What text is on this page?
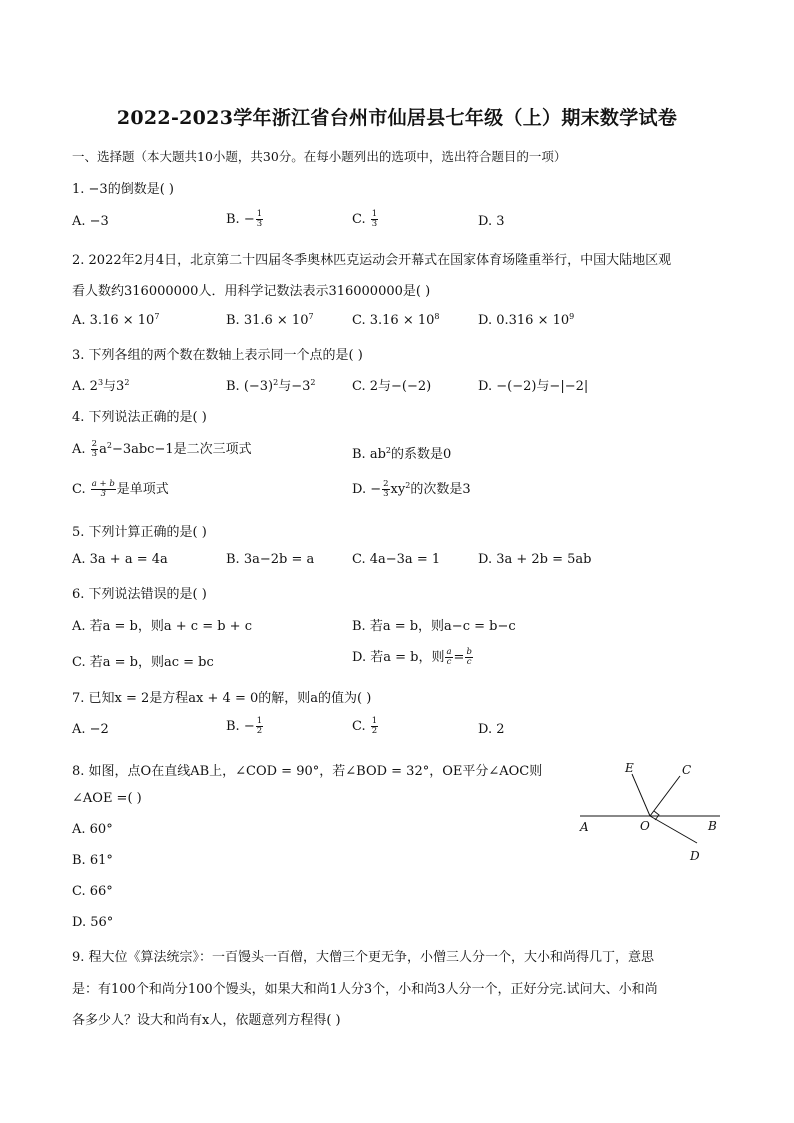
2022-2023学年浙江省台州市仙居县七年级（上）期末数学试卷
一、选择题（本大题共10小题，共30分。在每小题列出的选项中，选出符合题目的一项）
1. −3的倒数是( )
A. −3	B. − $\frac{1}{3}$	C. $\frac{1}{3}$	D. 3
2. 2022年2月4日，北京第二十四届冬季奥林匹克运动会开幕式在国家体育场隆重举行，中国大陆地区观
看人数约316000000人．用科学记数法表示316000000是( )
A. $3.16 \times 10^7$	B. $31.6 \times 10^7$	C. $3.16 \times 10^8$	D. $0.316 \times 10^9$
3. 下列各组的两个数在数轴上表示同一个点的是( )
A. $2^3$与$3^2$	B. $(-3)^2$与$-3^2$	C. 2与−(−2)	D. −(−2)与−|−2|
4. 下列说法正确的是( )
A. $\frac{2}{3} a^2-3abc-1$是二次三项式	B. $ab^2$的系数是0
C. $\frac{a + b}{3}$ 是单项式	D. − $\frac{2}{3} xy^2$的次数是3
5. 下列计算正确的是( )
A. 3a + a = 4a	B. 3a−2b = a	C. 4a−3a = 1	D. 3a + 2b = 5ab
6. 下列说法错误的是( )
A. 若a = b，则a + c = b + c	B. 若a = b，则a−c = b−c
C. 若a = b，则ac = bc	D. 若a = b，则 $\frac{a}{c} = \frac{b}{c}$
7. 已知x = 2是方程ax + 4 = 0的解，则a的值为( )
A. −2	B. − $\frac{1}{2}$	C. $\frac{1}{2}$	D. 2
8. 如图，点O在直线AB上，∠COD = 90°，若∠BOD = 32°，OE平分∠AOC则
∠AOE =( )
A. 60°
B. 61°
C. 66°
D. 56°
E	C
A	O	B
D
9. 程大位《算法统宗》：一百馒头一百僧，大僧三个更无争，小僧三人分一个，大小和尚得几丁，意思
是：有100个和尚分100个馒头，如果大和尚1人分3个，小和尚3人分一个，正好分完.试问大、小和尚
各多少人？设大和尚有x人，依题意列方程得( )
